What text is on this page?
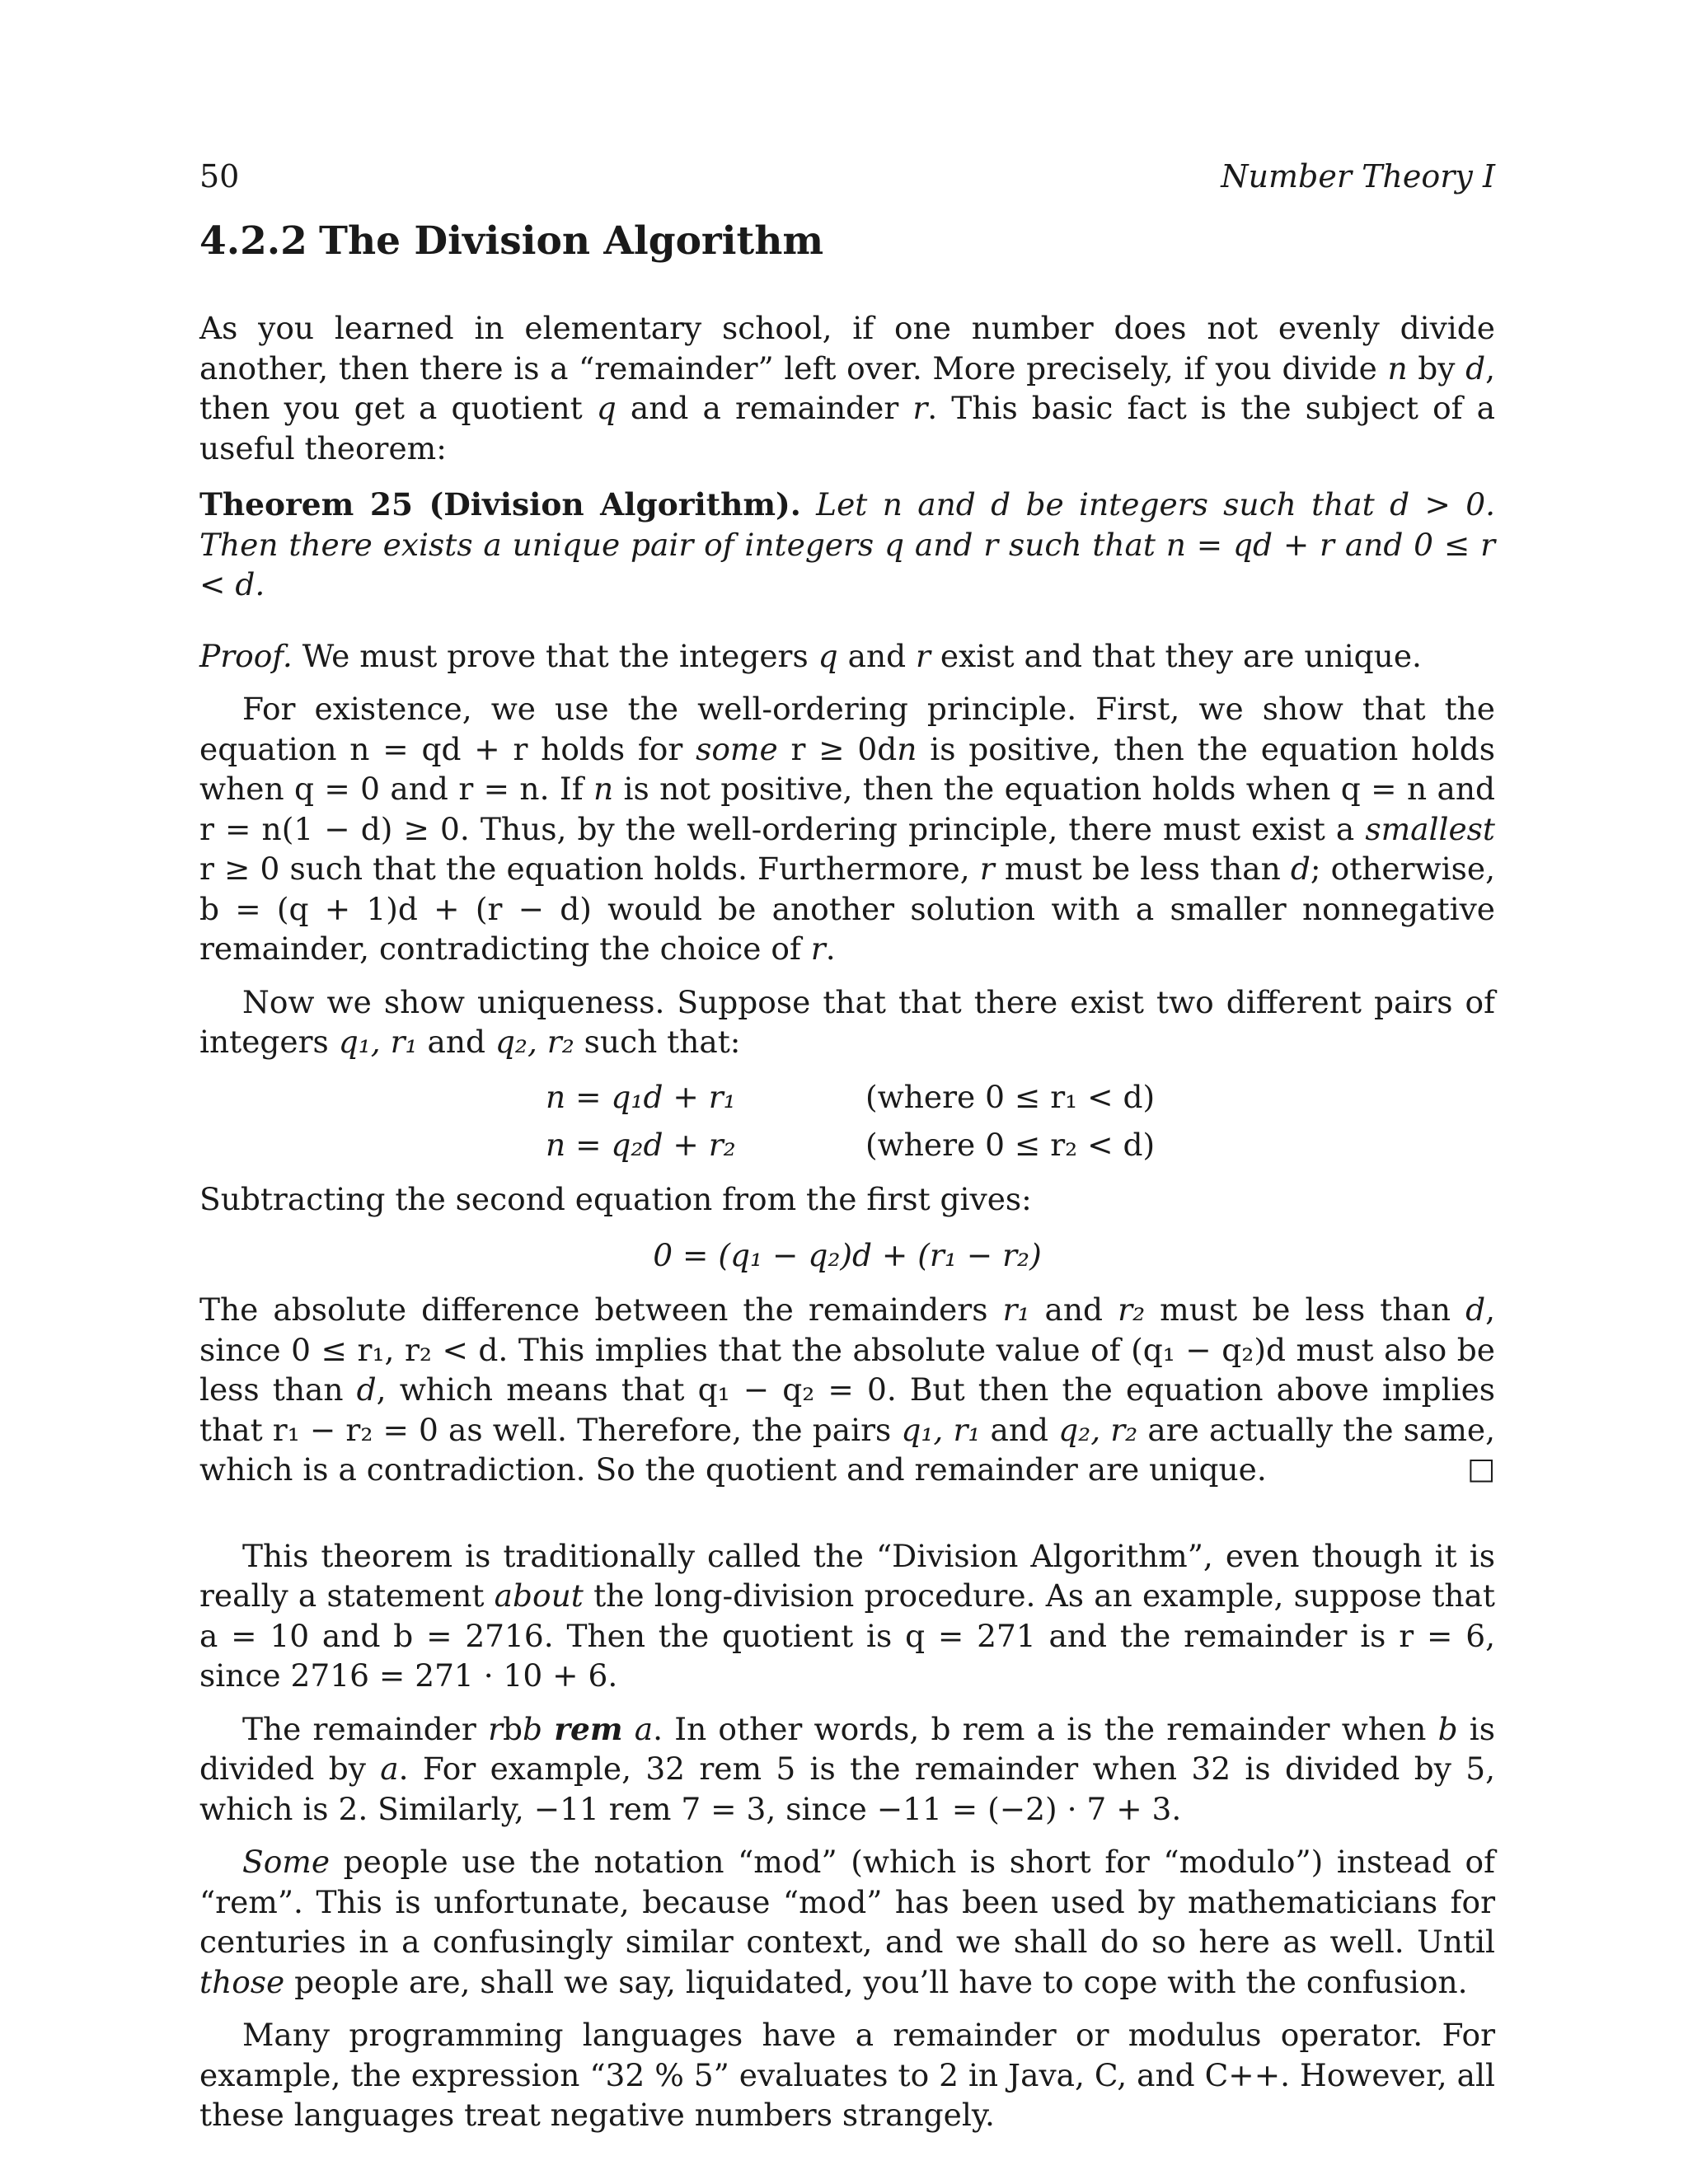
50	Number Theory I
4.2.2 The Division Algorithm

As you learned in elementary school, if one number does not evenly divide another, then there is a “remainder” left over. More precisely, if you divide n by d, then you get a quotient q and a remainder r. This basic fact is the subject of a useful theorem:

Theorem 25 (Division Algorithm). Let n and d be integers such that d > 0. Then there exists a unique pair of integers q and r such that n = qd + r and 0 ≤ r < d.

Proof. We must prove that the integers q and r exist and that they are unique.

For existence, we use the well-ordering principle. First, we show that the equation n = qd + r holds for some r ≥ 0dn is positive, then the equation holds when q = 0 and r = n. If n is not positive, then the equation holds when q = n and r = n(1 − d) ≥ 0. Thus, by the well-ordering principle, there must exist a smallest r ≥ 0 such that the equation holds. Furthermore, r must be less than d; otherwise, b = (q + 1)d + (r − d) would be another solution with a smaller nonnegative remainder, contradicting the choice of r.

Now we show uniqueness. Suppose that that there exist two different pairs of integers q₁, r₁ and q₂, r₂ such that:

n = q₁d + r₁	(where 0 ≤ r₁ < d)
n = q₂d + r₂	(where 0 ≤ r₂ < d)

Subtracting the second equation from the first gives:

0 = (q₁ − q₂)d + (r₁ − r₂)

The absolute difference between the remainders r₁ and r₂ must be less than d, since 0 ≤ r₁, r₂ < d. This implies that the absolute value of (q₁ − q₂)d must also be less than d, which means that q₁ − q₂ = 0. But then the equation above implies that r₁ − r₂ = 0 as well. Therefore, the pairs q₁, r₁ and q₂, r₂ are actually the same, which is a contradiction. So the quotient and remainder are unique.	□

This theorem is traditionally called the “Division Algorithm”, even though it is really a statement about the long-division procedure. As an example, suppose that a = 10 and b = 2716. Then the quotient is q = 271 and the remainder is r = 6, since 2716 = 271 · 10 + 6.

The remainder rbb rem a. In other words, b rem a is the remainder when b is divided by a. For example, 32 rem 5 is the remainder when 32 is divided by 5, which is 2. Similarly, −11 rem 7 = 3, since −11 = (−2) · 7 + 3.

Some people use the notation “mod” (which is short for “modulo”) instead of “rem”. This is unfortunate, because “mod” has been used by mathematicians for centuries in a confusingly similar context, and we shall do so here as well. Until those people are, shall we say, liquidated, you’ll have to cope with the confusion.

Many programming languages have a remainder or modulus operator. For example, the expression “32 % 5” evaluates to 2 in Java, C, and C++. However, all these languages treat negative numbers strangely.
